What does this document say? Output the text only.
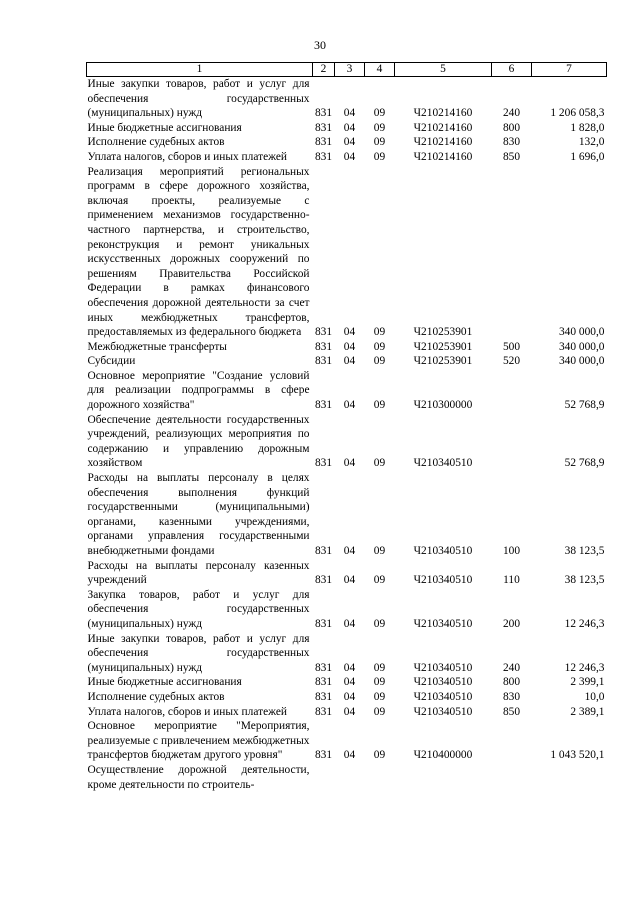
30
1	2	3	4	5	6	7
Иные закупки товаров, работ и услуг для обеспечения государственных (муниципальных) нужд	831	04	09	Ч210214160	240	1 206 058,3
Иные бюджетные ассигнования	831	04	09	Ч210214160	800	1 828,0
Исполнение судебных актов	831	04	09	Ч210214160	830	132,0
Уплата налогов, сборов и иных платежей	831	04	09	Ч210214160	850	1 696,0
Реализация мероприятий региональных программ в сфере дорожного хозяйства, включая проекты, реализуемые с применением механизмов государственно-частного партнерства, и строительство, реконструкция и ремонт уникальных искусственных дорожных сооружений по решениям Правительства Российской Федерации в рамках финансового обеспечения дорожной деятельности за счет иных межбюджетных трансфертов, предоставляемых из федерального бюджета	831	04	09	Ч210253901		340 000,0
Межбюджетные трансферты	831	04	09	Ч210253901	500	340 000,0
Субсидии	831	04	09	Ч210253901	520	340 000,0
Основное мероприятие "Создание условий для реализации подпрограммы в сфере дорожного хозяйства"	831	04	09	Ч210300000		52 768,9
Обеспечение деятельности государственных учреждений, реализующих мероприятия по содержанию и управлению дорожным хозяйством	831	04	09	Ч210340510		52 768,9
Расходы на выплаты персоналу в целях обеспечения выполнения функций государственными (муниципальными) органами, казенными учреждениями, органами управления государственными внебюджетными фондами	831	04	09	Ч210340510	100	38 123,5
Расходы на выплаты персоналу казенных учреждений	831	04	09	Ч210340510	110	38 123,5
Закупка товаров, работ и услуг для обеспечения государственных (муниципальных) нужд	831	04	09	Ч210340510	200	12 246,3
Иные закупки товаров, работ и услуг для обеспечения государственных (муниципальных) нужд	831	04	09	Ч210340510	240	12 246,3
Иные бюджетные ассигнования	831	04	09	Ч210340510	800	2 399,1
Исполнение судебных актов	831	04	09	Ч210340510	830	10,0
Уплата налогов, сборов и иных платежей	831	04	09	Ч210340510	850	2 389,1
Основное мероприятие "Мероприятия, реализуемые с привлечением межбюджетных трансфертов бюджетам другого уровня"	831	04	09	Ч210400000		1 043 520,1
Осуществление дорожной деятельности, кроме деятельности по строитель-						
